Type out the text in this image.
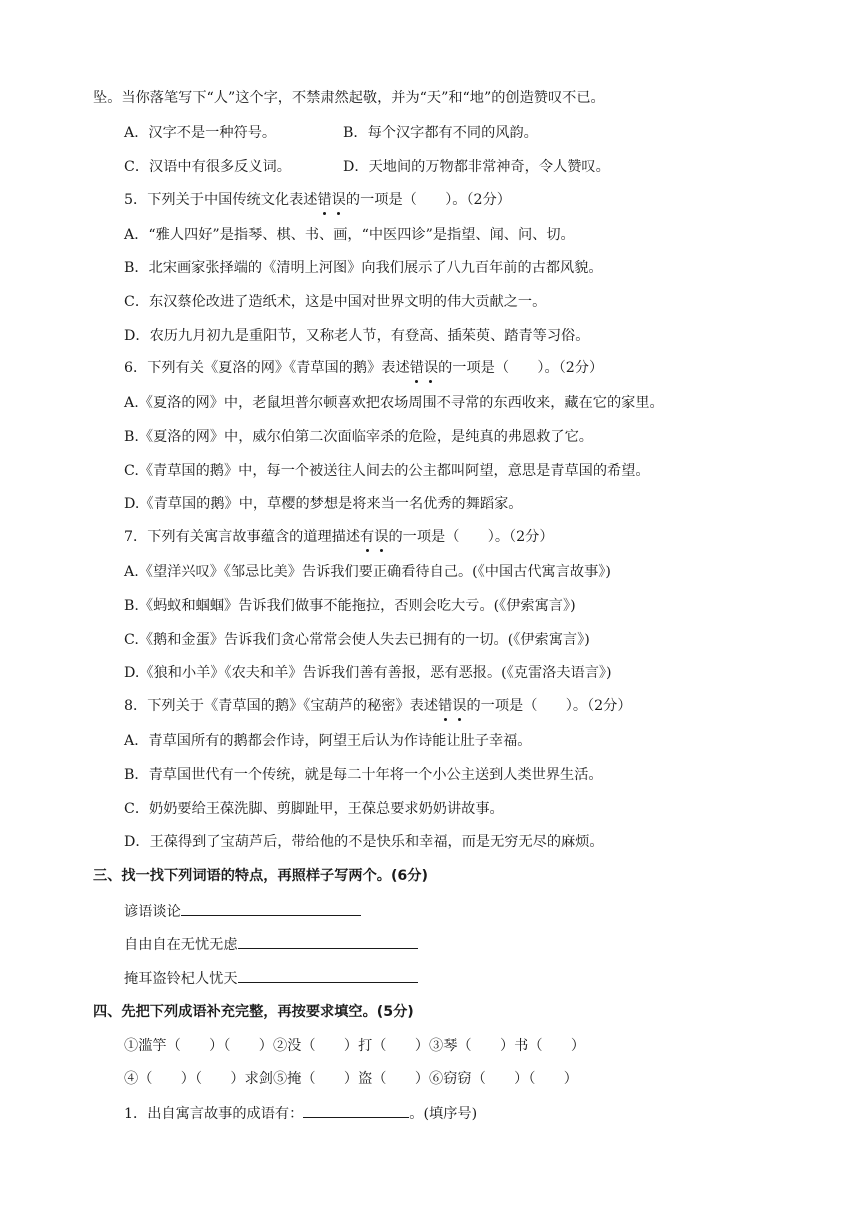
坠。当你落笔写下“人”这个字，不禁肃然起敬，并为“天”和“地”的创造赞叹不已。
A．汉字不是一种符号。	B．每个汉字都有不同的风韵。
C．汉语中有很多反义词。	D．天地间的万物都非常神奇，令人赞叹。
5．下列关于中国传统文化表述错误的一项是（　　）。（2分）
A．“雅人四好”是指琴、棋、书、画，“中医四诊”是指望、闻、问、切。
B．北宋画家张择端的《清明上河图》向我们展示了八九百年前的古都风貌。
C．东汉蔡伦改进了造纸术，这是中国对世界文明的伟大贡献之一。
D．农历九月初九是重阳节，又称老人节，有登高、插茱萸、踏青等习俗。
6．下列有关《夏洛的网》《青草国的鹅》表述错误的一项是（　　）。（2分）
A.《夏洛的网》中，老鼠坦普尔顿喜欢把农场周围不寻常的东西收来，藏在它的家里。
B.《夏洛的网》中，威尔伯第二次面临宰杀的危险，是纯真的弗恩救了它。
C.《青草国的鹅》中，每一个被送往人间去的公主都叫阿望，意思是青草国的希望。
D.《青草国的鹅》中，草樱的梦想是将来当一名优秀的舞蹈家。
7．下列有关寓言故事蕴含的道理描述有误的一项是（　　）。（2分）
A.《望洋兴叹》《邹忌比美》告诉我们要正确看待自己。(《中国古代寓言故事》)
B.《蚂蚁和蝈蝈》告诉我们做事不能拖拉，否则会吃大亏。(《伊索寓言》)
C.《鹅和金蛋》告诉我们贪心常常会使人失去已拥有的一切。(《伊索寓言》)
D.《狼和小羊》《农夫和羊》告诉我们善有善报，恶有恶报。(《克雷洛夫语言》)
8．下列关于《青草国的鹅》《宝葫芦的秘密》表述错误的一项是（　　）。（2分）
A．青草国所有的鹅都会作诗，阿望王后认为作诗能让肚子幸福。
B．青草国世代有一个传统，就是每二十年将一个小公主送到人类世界生活。
C．奶奶要给王葆洗脚、剪脚趾甲，王葆总要求奶奶讲故事。
D．王葆得到了宝葫芦后，带给他的不是快乐和幸福，而是无穷无尽的麻烦。
三、找一找下列词语的特点，再照样子写两个。(6分)
谚语谈论
自由自在无忧无虑
掩耳盗铃杞人忧天
四、先把下列成语补充完整，再按要求填空。(5分)
①滥竽（　　）（　　）②没（　　）打（　　）③琴（　　）书（　　）
④（　　）（　　）求剑⑤掩（　　）盗（　　）⑥窃窃（　　）（　　）
1．出自寓言故事的成语有：	。(填序号)
